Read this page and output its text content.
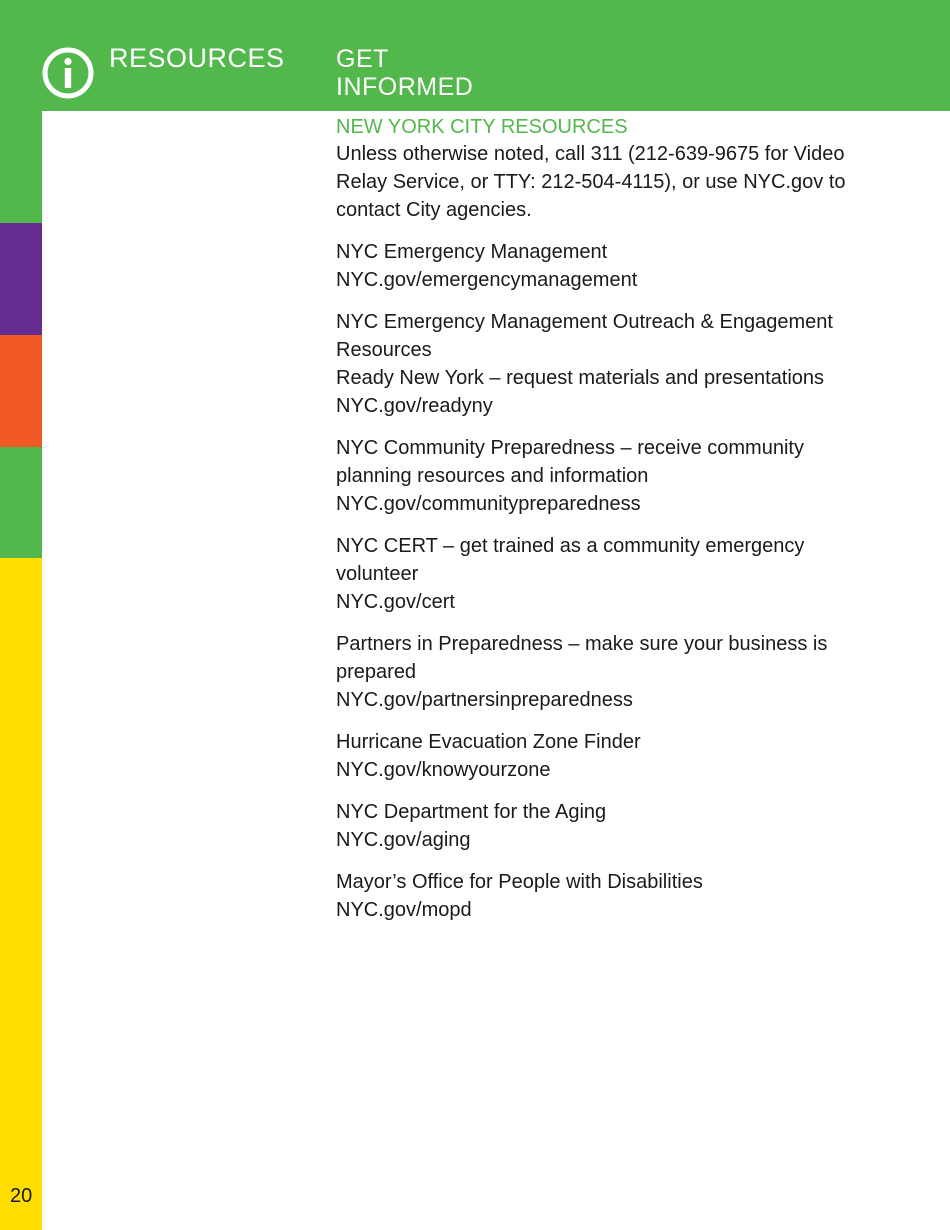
RESOURCES GET
INFORMED
20
NEW YORK CITY RESOURCES

Unless otherwise noted, call 311 (212-639-9675 for Video Relay Service, or TTY: 212-504-4115), or use NYC.gov to contact City agencies.

NYC Emergency Management
NYC.gov/emergencymanagement
NYC Emergency Management Outreach & Engagement Resources
Ready New York – request materials and presentations
NYC.gov/readyny
NYC Community Preparedness – receive community planning resources and information
NYC.gov/communitypreparedness
NYC CERT – get trained as a community emergency volunteer
NYC.gov/cert
Partners in Preparedness – make sure your business is prepared
NYC.gov/partnersinpreparedness
Hurricane Evacuation Zone Finder
NYC.gov/knowyourzone
NYC Department for the Aging
NYC.gov/aging
Mayor’s Office for People with Disabilities
NYC.gov/mopd
